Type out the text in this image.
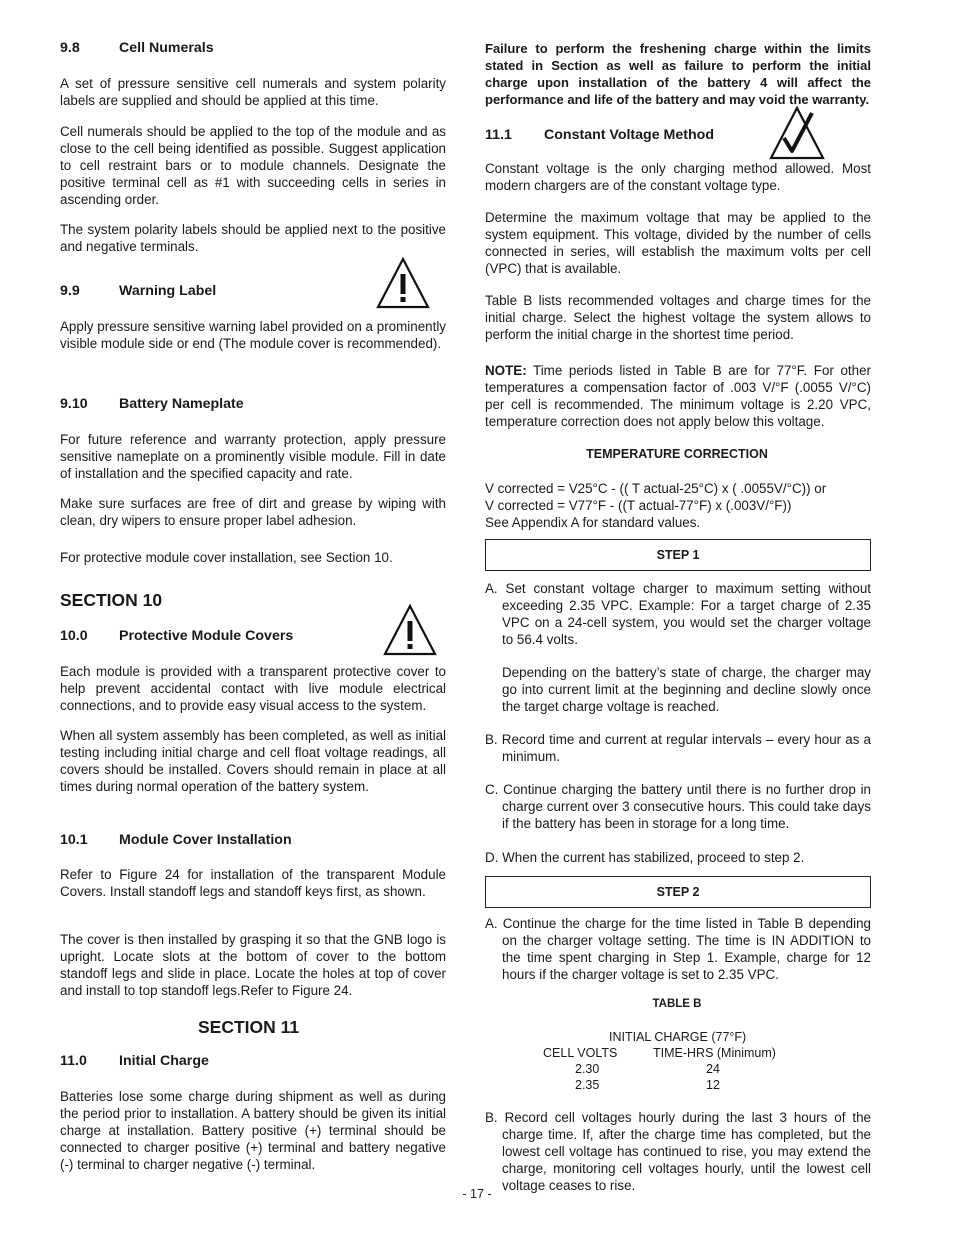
9.8	Cell Numerals

A set of pressure sensitive cell numerals and system polarity labels are supplied and should be applied at this time.

Cell numerals should be applied to the top of the module and as close to the cell being identified as possible. Suggest application to cell restraint bars or to module channels. Designate the positive terminal cell as #1 with succeeding cells in series in ascending order.

The system polarity labels should be applied next to the positive and negative terminals.

9.9	Warning Label

Apply pressure sensitive warning label provided on a prominently visible module side or end (The module cover is recommended).

9.10 Battery Nameplate

For future reference and warranty protection, apply pressure sensitive nameplate on a prominently visible module. Fill in date of installation and the specified capacity and rate.

Make sure surfaces are free of dirt and grease by wiping with clean, dry wipers to ensure proper label adhesion.

For protective module cover installation, see Section 10.

SECTION 10

10.0 Protective Module Covers

Each module is provided with a transparent protective cover to help prevent accidental contact with live module electrical connections, and to provide easy visual access to the system.

When all system assembly has been completed, as well as initial testing including initial charge and cell float voltage readings, all covers should be installed. Covers should remain in place at all times during normal operation of the battery system.

10.1 Module Cover Installation

Refer to Figure 24 for installation of the transparent Module Covers. Install standoff legs and standoff keys first, as shown.

The cover is then installed by grasping it so that the GNB logo is upright. Locate slots at the bottom of cover to the bottom standoff legs and slide in place. Locate the holes at top of cover and install to top standoff legs.Refer to Figure 24.

SECTION 11

11.0 Initial Charge

Batteries lose some charge during shipment as well as during the period prior to installation. A battery should be given its initial charge at installation. Battery positive (+) terminal should be connected to charger positive (+) terminal and battery negative (-) terminal to charger negative (-) terminal.

Failure to perform the freshening charge within the limits stated in Section as well as failure to perform the initial charge upon installation of the battery 4 will affect the performance and life of the battery and may void the warranty.

11.1 Constant Voltage Method

Constant voltage is the only charging method allowed. Most modern chargers are of the constant voltage type.

Determine the maximum voltage that may be applied to the system equipment. This voltage, divided by the number of cells connected in series, will establish the maximum volts per cell (VPC) that is available.

Table B lists recommended voltages and charge times for the initial charge. Select the highest voltage the system allows to perform the initial charge in the shortest time period.

NOTE: Time periods listed in Table B are for 77°F. For other temperatures a compensation factor of .003 V/°F (.0055 V/°C) per cell is recommended. The minimum voltage is 2.20 VPC, temperature correction does not apply below this voltage.

TEMPERATURE CORRECTION

V corrected = V25°C - (( T actual-25°C) x ( .0055V/°C)) or

V corrected = V77°F - ((T actual-77°F) x (.003V/°F))

See Appendix A for standard values.

STEP 1

A. Set constant voltage charger to maximum setting without exceeding 2.35 VPC. Example: For a target charge of 2.35 VPC on a 24-cell system, you would set the charger voltage to 56.4 volts.

Depending on the battery’s state of charge, the charger may go into current limit at the beginning and decline slowly once the target charge voltage is reached.

B. Record time and current at regular intervals – every hour as a minimum.

C. Continue charging the battery until there is no further drop in charge current over 3 consecutive hours. This could take days if the battery has been in storage for a long time.

D. When the current has stabilized, proceed to step 2.

STEP 2

A. Continue the charge for the time listed in Table B depending on the charger voltage setting. The time is IN ADDITION to the time spent charging in Step 1. Example, charge for 12 hours if the charger voltage is set to 2.35 VPC.

TABLE B

INITIAL CHARGE (77°F)
CELL VOLTS	TIME-HRS (Minimum)
2.30	24
2.35	12

B. Record cell voltages hourly during the last 3 hours of the charge time. If, after the charge time has completed, but the lowest cell voltage has continued to rise, you may extend the charge, monitoring cell voltages hourly, until the lowest cell voltage ceases to rise.

- 17 -
